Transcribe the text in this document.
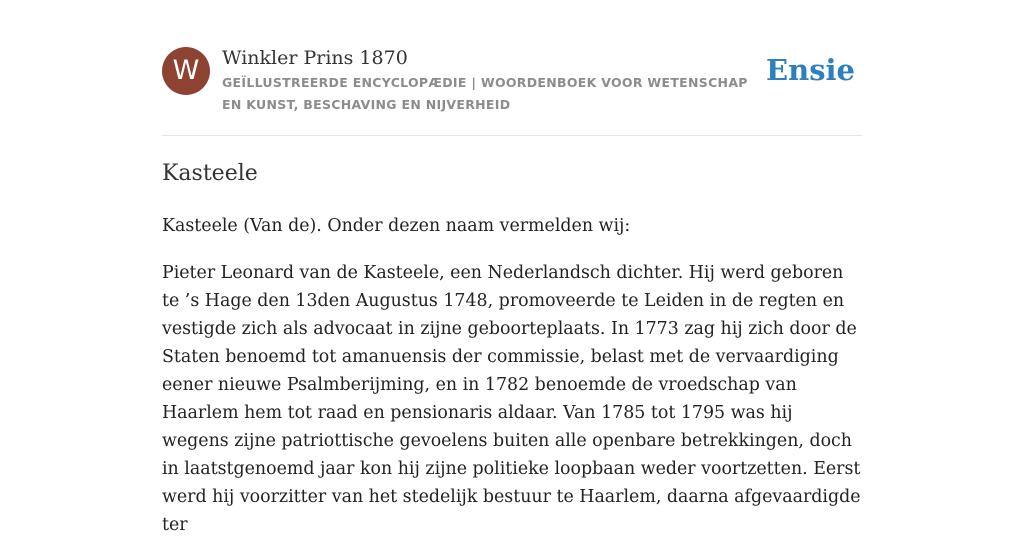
W	Winkler Prins 1870
GEÏLLUSTREERDE ENCYCLOPÆDIE | WOORDENBOEK VOOR WETENSCHAP EN KUNST, BESCHAVING EN NIJVERHEID
Ensie
Kasteele

Kasteele (Van de). Onder dezen naam vermelden wij:

Pieter Leonard van de Kasteele, een Nederlandsch dichter. Hij werd geboren te ’s Hage den 13den Augustus 1748, promoveerde te Leiden in de regten en vestigde zich als advocaat in zijne geboorteplaats. In 1773 zag hij zich door de Staten benoemd tot amanuensis der commissie, belast met de vervaardiging eener nieuwe Psalmberijming, en in 1782 benoemde de vroedschap van Haarlem hem tot raad en pensionaris aldaar. Van 1785 tot 1795 was hij wegens zijne patriottische gevoelens buiten alle openbare betrekkingen, doch in laatstgenoemd jaar kon hij zijne politieke loopbaan weder voortzetten. Eerst werd hij voorzitter van het stedelijk bestuur te Haarlem, daarna afgevaardigde ter
